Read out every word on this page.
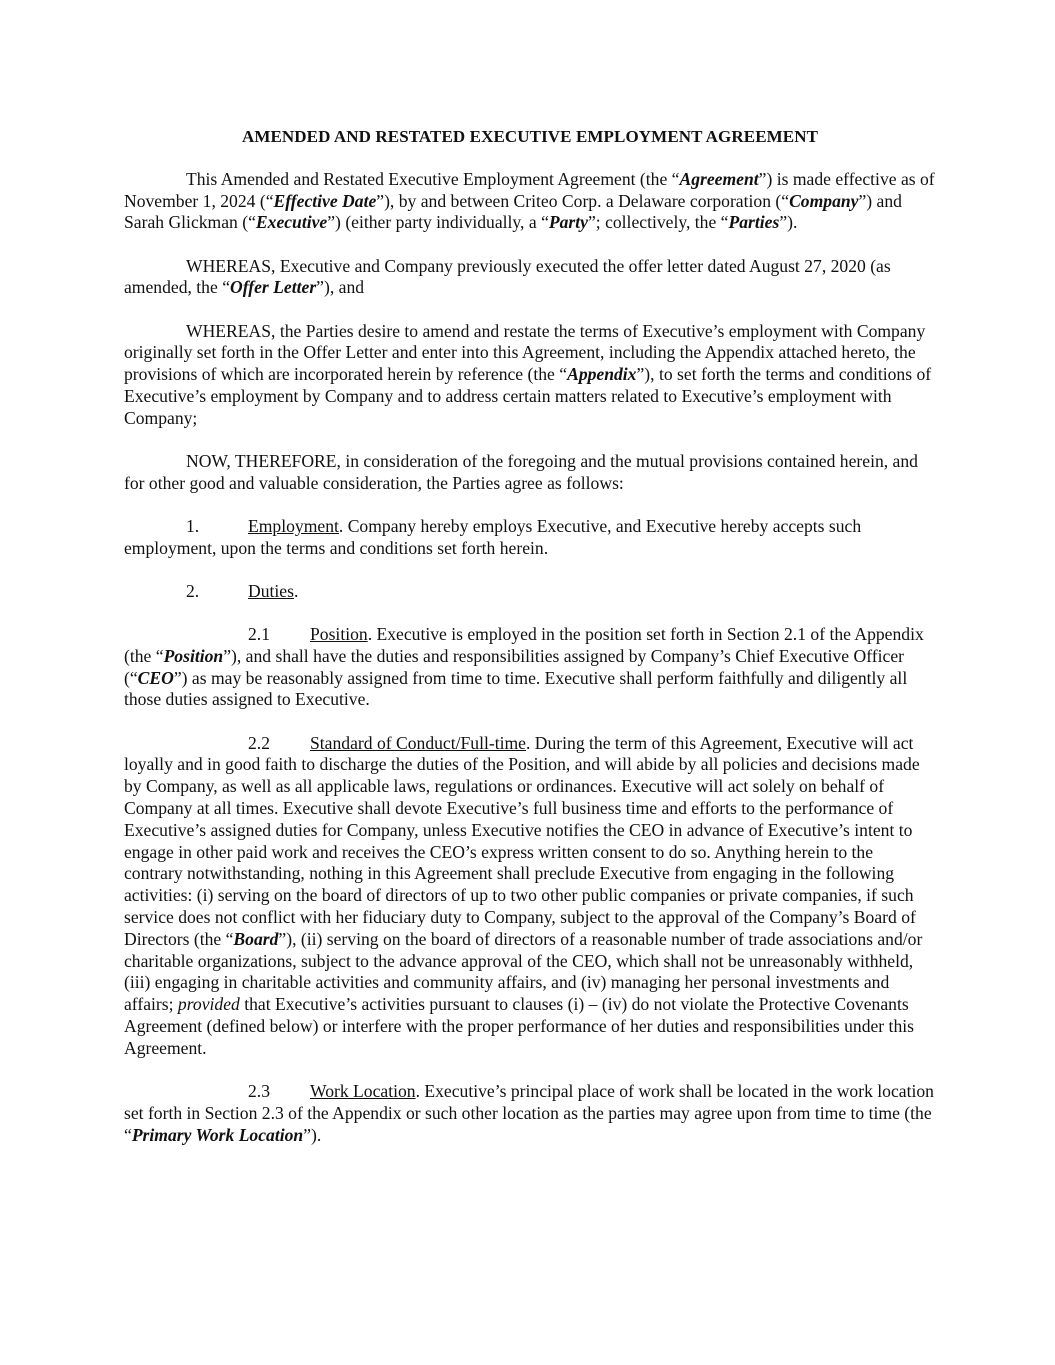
AMENDED AND RESTATED EXECUTIVE EMPLOYMENT AGREEMENT

This Amended and Restated Executive Employment Agreement (the “Agreement”) is made effective as of November 1, 2024 (“Effective Date”), by and between Criteo Corp. a Delaware corporation (“Company”) and Sarah Glickman (“Executive”) (either party individually, a “Party”; collectively, the “Parties”).

WHEREAS, Executive and Company previously executed the offer letter dated August 27, 2020 (as amended, the “Offer Letter”), and

WHEREAS, the Parties desire to amend and restate the terms of Executive’s employment with Company originally set forth in the Offer Letter and enter into this Agreement, including the Appendix attached hereto, the provisions of which are incorporated herein by reference (the “Appendix”), to set forth the terms and conditions of Executive’s employment by Company and to address certain matters related to Executive’s employment with Company;

NOW, THEREFORE, in consideration of the foregoing and the mutual provisions contained herein, and for other good and valuable consideration, the Parties agree as follows:

1.	Employment. Company hereby employs Executive, and Executive hereby accepts such employment, upon the terms and conditions set forth herein.

2.	Duties.

2.1 Position. Executive is employed in the position set forth in Section 2.1 of the Appendix (the “Position”), and shall have the duties and responsibilities assigned by Company’s Chief Executive Officer (“CEO”) as may be reasonably assigned from time to time. Executive shall perform faithfully and diligently all those duties assigned to Executive.

2.2 Standard of Conduct/Full-time. During the term of this Agreement, Executive will act loyally and in good faith to discharge the duties of the Position, and will abide by all policies and decisions made by Company, as well as all applicable laws, regulations or ordinances. Executive will act solely on behalf of Company at all times. Executive shall devote Executive’s full business time and efforts to the performance of Executive’s assigned duties for Company, unless Executive notifies the CEO in advance of Executive’s intent to engage in other paid work and receives the CEO’s express written consent to do so. Anything herein to the contrary notwithstanding, nothing in this Agreement shall preclude Executive from engaging in the following activities: (i) serving on the board of directors of up to two other public companies or private companies, if such service does not conflict with her fiduciary duty to Company, subject to the approval of the Company’s Board of Directors (the “Board”), (ii) serving on the board of directors of a reasonable number of trade associations and/or charitable organizations, subject to the advance approval of the CEO, which shall not be unreasonably withheld, (iii) engaging in charitable activities and community affairs, and (iv) managing her personal investments and affairs; provided that Executive’s activities pursuant to clauses (i) – (iv) do not violate the Protective Covenants Agreement (defined below) or interfere with the proper performance of her duties and responsibilities under this Agreement.

2.3 Work Location. Executive’s principal place of work shall be located in the work location set forth in Section 2.3 of the Appendix or such other location as the parties may agree upon from time to time (the “Primary Work Location”).
